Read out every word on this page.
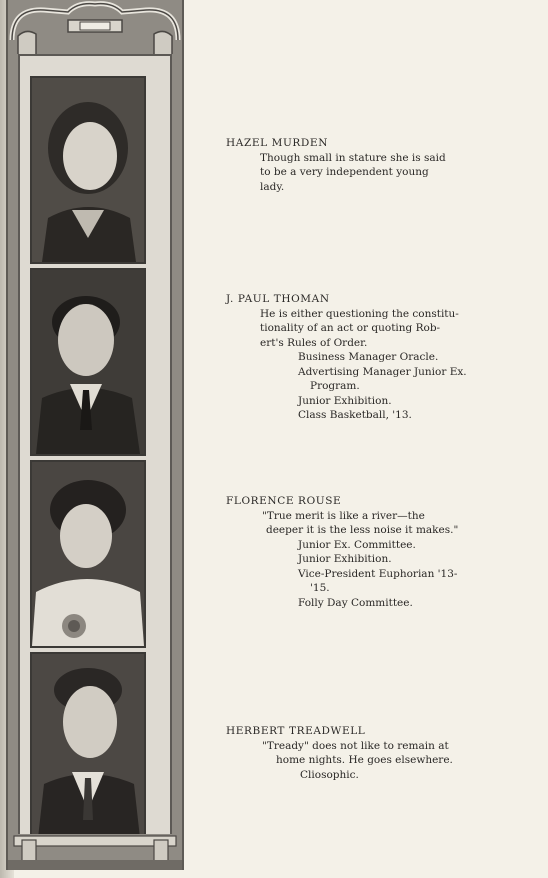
HAZEL MURDEN
Though small in stature she is said
to be a very independent young
lady.
J. PAUL THOMAN
He is either questioning the constitu-
tionality of an act or quoting Rob-
ert's Rules of Order.
Business Manager Oracle.
Advertising Manager Junior Ex.
Program.
Junior Exhibition.
Class Basketball, '13.
FLORENCE ROUSE
"True merit is like a river—the
deeper it is the less noise it makes."
Junior Ex. Committee.
Junior Exhibition.
Vice-President Euphorian '13-
'15.
Folly Day Committee.
HERBERT TREADWELL
"Tready" does not like to remain at
home nights. He goes elsewhere.
Cliosophic.
